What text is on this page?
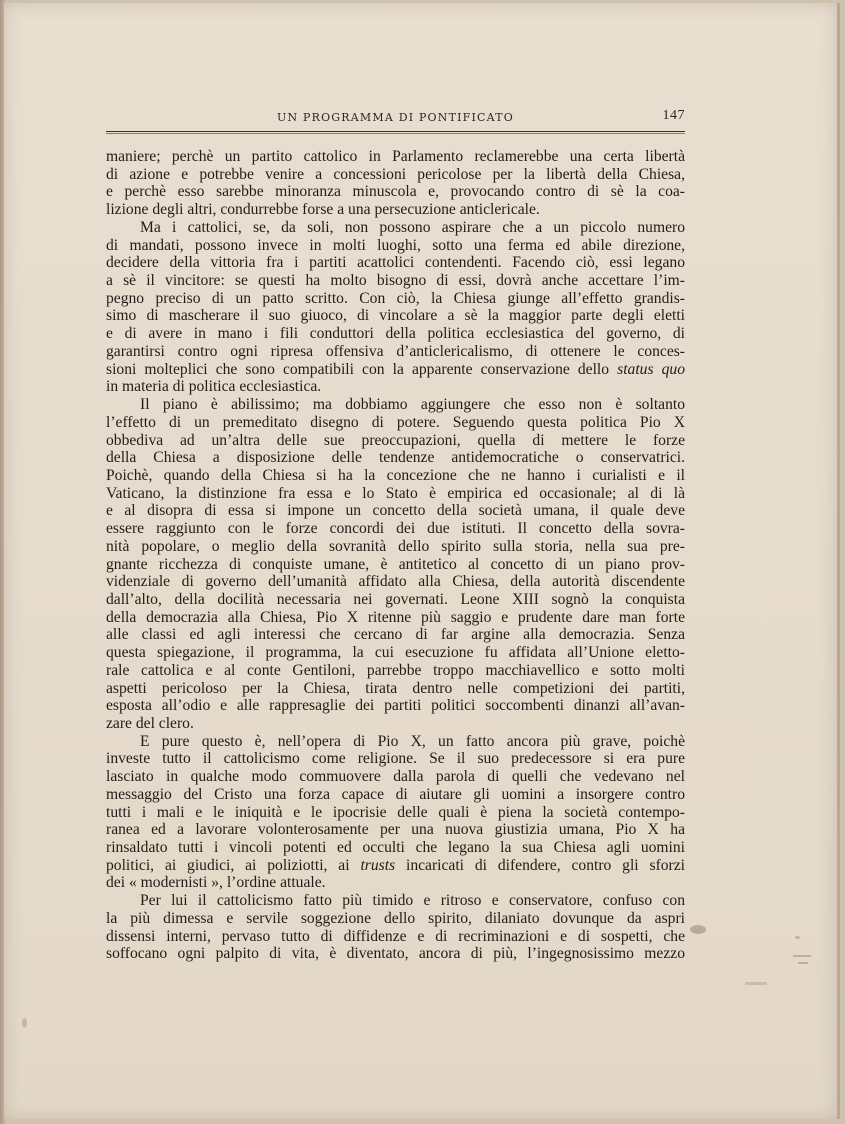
UN PROGRAMMA DI PONTIFICATO	147
maniere; perchè un partito cattolico in Parlamento reclamerebbe una certa libertà
di azione e potrebbe venire a concessioni pericolose per la libertà della Chiesa,
e perchè esso sarebbe minoranza minuscola e, provocando contro di sè la coa-
lizione degli altri, condurrebbe forse a una persecuzione anticlericale.
Ma i cattolici, se, da soli, non possono aspirare che a un piccolo numero
di mandati, possono invece in molti luoghi, sotto una ferma ed abile direzione,
decidere della vittoria fra i partiti acattolici contendenti. Facendo ciò, essi legano
a sè il vincitore: se questi ha molto bisogno di essi, dovrà anche accettare l’im-
pegno preciso di un patto scritto. Con ciò, la Chiesa giunge all’effetto grandis-
simo di mascherare il suo giuoco, di vincolare a sè la maggior parte degli eletti
e di avere in mano i fili conduttori della politica ecclesiastica del governo, di
garantirsi contro ogni ripresa offensiva d’anticlericalismo, di ottenere le conces-
sioni molteplici che sono compatibili con la apparente conservazione dello status quo
in materia di politica ecclesiastica.
Il piano è abilissimo; ma dobbiamo aggiungere che esso non è soltanto
l’effetto di un premeditato disegno di potere. Seguendo questa politica Pio X
obbediva ad un’altra delle sue preoccupazioni, quella di mettere le forze
della Chiesa a disposizione delle tendenze antidemocratiche o conservatrici.
Poichè, quando della Chiesa si ha la concezione che ne hanno i curialisti e il
Vaticano, la distinzione fra essa e lo Stato è empirica ed occasionale; al di là
e al disopra di essa si impone un concetto della società umana, il quale deve
essere raggiunto con le forze concordi dei due istituti. Il concetto della sovra-
nità popolare, o meglio della sovranità dello spirito sulla storia, nella sua pre-
gnante ricchezza di conquiste umane, è antitetico al concetto di un piano prov-
videnziale di governo dell’umanità affidato alla Chiesa, della autorità discendente
dall’alto, della docilità necessaria nei governati. Leone XIII sognò la conquista
della democrazia alla Chiesa, Pio X ritenne più saggio e prudente dare man forte
alle classi ed agli interessi che cercano di far argine alla democrazia. Senza
questa spiegazione, il programma, la cui esecuzione fu affidata all’Unione eletto-
rale cattolica e al conte Gentiloni, parrebbe troppo macchiavellico e sotto molti
aspetti pericoloso per la Chiesa, tirata dentro nelle competizioni dei partiti,
esposta all’odio e alle rappresaglie dei partiti politici soccombenti dinanzi all’avan-
zare del clero.
E pure questo è, nell’opera di Pio X, un fatto ancora più grave, poichè
investe tutto il cattolicismo come religione. Se il suo predecessore si era pure
lasciato in qualche modo commuovere dalla parola di quelli che vedevano nel
messaggio del Cristo una forza capace di aiutare gli uomini a insorgere contro
tutti i mali e le iniquità e le ipocrisie delle quali è piena la società contempo-
ranea ed a lavorare volonterosamente per una nuova giustizia umana, Pio X ha
rinsaldato tutti i vincoli potenti ed occulti che legano la sua Chiesa agli uomini
politici, ai giudici, ai poliziotti, ai trusts incaricati di difendere, contro gli sforzi
dei « modernisti », l’ordine attuale.
Per lui il cattolicismo fatto più timido e ritroso e conservatore, confuso con
la più dimessa e servile soggezione dello spirito, dilaniato dovunque da aspri
dissensi interni, pervaso tutto di diffidenze e di recriminazioni e di sospetti, che
soffocano ogni palpito di vita, è diventato, ancora di più, l’ingegnosissimo mezzo
